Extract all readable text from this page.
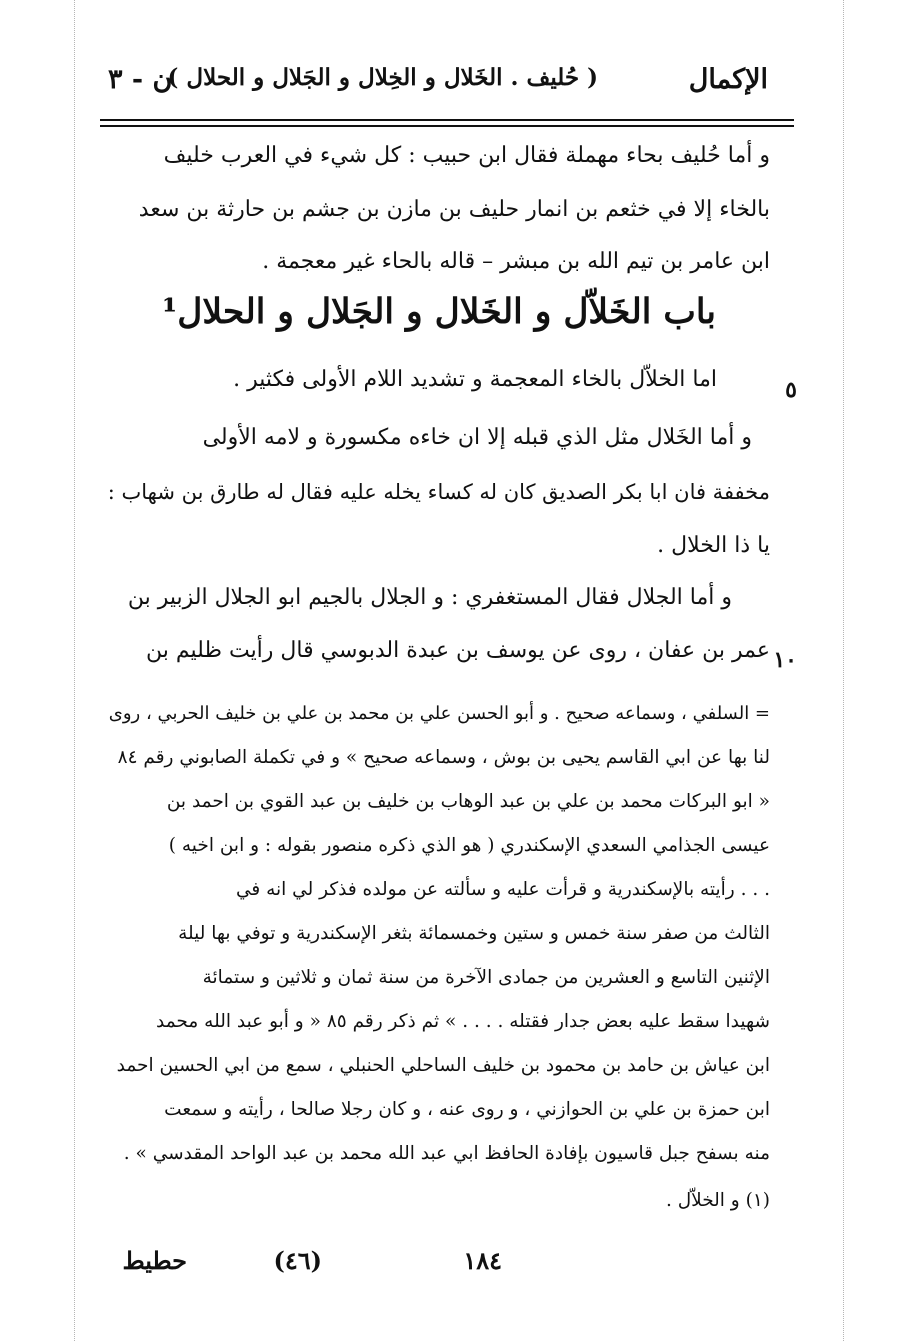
الإكمال
( حُليف . الخَلال و الخِلال و الجَلال و الحلال )
ن - ٣
و أما حُليف بحاء مهملة فقال ابن حبيب : كل شيء في العرب خليف
بالخاء إلا في خثعم بن انمار حليف بن مازن بن جشم بن حارثة بن سعد
ابن عامر بن تيم الله بن مبشر – قاله بالحاء غير معجمة .
باب الخَلاّل و الخَلال و الجَلال و الحلال¹
٥
اما الخلاّل بالخاء المعجمة و تشديد اللام الأولى فكثير .
و أما الخَلال مثل الذي قبله إلا ان خاءه مكسورة و لامه الأولى
مخففة فان ابا بكر الصديق كان له كساء يخله عليه فقال له طارق بن شهاب :
يا ذا الخلال .
و أما الجلال فقال المستغفري : و الجلال بالجيم ابو الجلال الزبير بن
١٠
عمر بن عفان ، روى عن يوسف بن عبدة الدبوسي قال رأيت ظليم بن
= السلفي ، وسماعه صحيح . و أبو الحسن علي بن محمد بن علي بن خليف الحربي ، روى
لنا بها عن ابي القاسم يحيى بن بوش ، وسماعه صحيح » و في تكملة الصابوني رقم ٨٤
« ابو البركات محمد بن علي بن عبد الوهاب بن خليف بن عبد القوي بن احمد بن
عيسى الجذامي السعدي الإسكندري ( هو الذي ذكره منصور بقوله : و ابن اخيه )
. . . رأيته بالإسكندرية و قرأت عليه و سألته عن مولده فذكر لي انه في
الثالث من صفر سنة خمس و ستين وخمسمائة بثغر الإسكندرية و توفي بها ليلة
الإثنين التاسع و العشرين من جمادى الآخرة من سنة ثمان و ثلاثين و ستمائة
شهيدا سقط عليه بعض جدار فقتله . . . . » ثم ذكر رقم ٨٥ « و أبو عبد الله محمد
ابن عياش بن حامد بن محمود بن خليف الساحلي الحنبلي ، سمع من ابي الحسين احمد
ابن حمزة بن علي بن الحوازني ، و روى عنه ، و كان رجلا صالحا ، رأيته و سمعت
منه بسفح جبل قاسيون بإفادة الحافظ ابي عبد الله محمد بن عبد الواحد المقدسي » .
(١) و الخلاّل .
١٨٤
(٤٦)
حطيط
